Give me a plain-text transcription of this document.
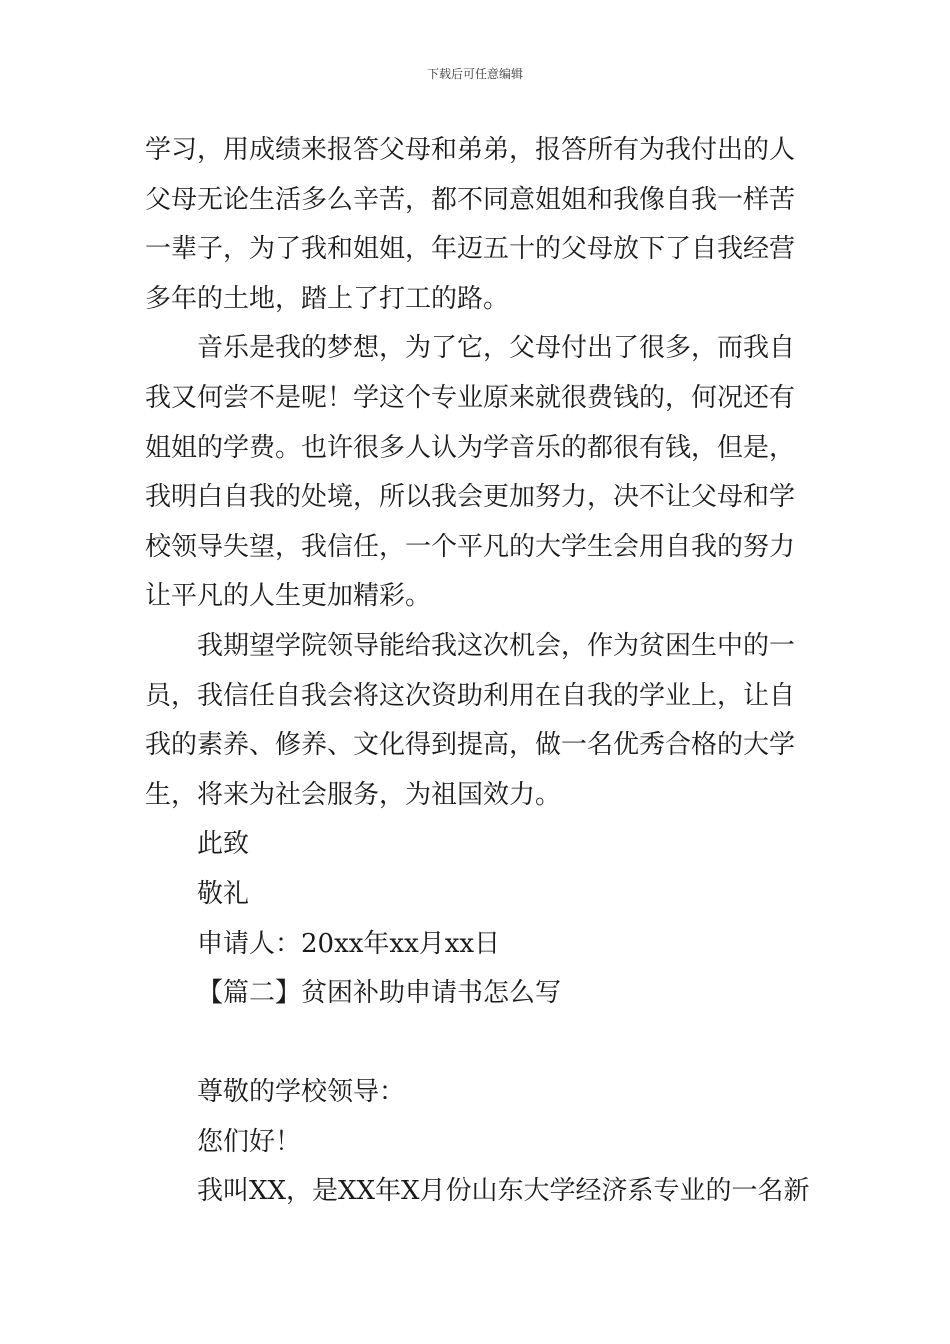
下载后可任意编辑
学习，用成绩来报答父母和弟弟，报答所有为我付出的人
父母无论生活多么辛苦，都不同意姐姐和我像自我一样苦
一辈子，为了我和姐姐，年迈五十的父母放下了自我经营
多年的土地，踏上了打工的路。
音乐是我的梦想，为了它，父母付出了很多，而我自
我又何尝不是呢！学这个专业原来就很费钱的，何况还有
姐姐的学费。也许很多人认为学音乐的都很有钱，但是，
我明白自我的处境，所以我会更加努力，决不让父母和学
校领导失望，我信任，一个平凡的大学生会用自我的努力
让平凡的人生更加精彩。
我期望学院领导能给我这次机会，作为贫困生中的一
员，我信任自我会将这次资助利用在自我的学业上，让自
我的素养、修养、文化得到提高，做一名优秀合格的大学
生，将来为社会服务，为祖国效力。
此致
敬礼
申请人：20xx年xx月xx日
【篇二】贫困补助申请书怎么写
尊敬的学校领导：
您们好！
我叫XX，是XX年X月份山东大学经济系专业的一名新
